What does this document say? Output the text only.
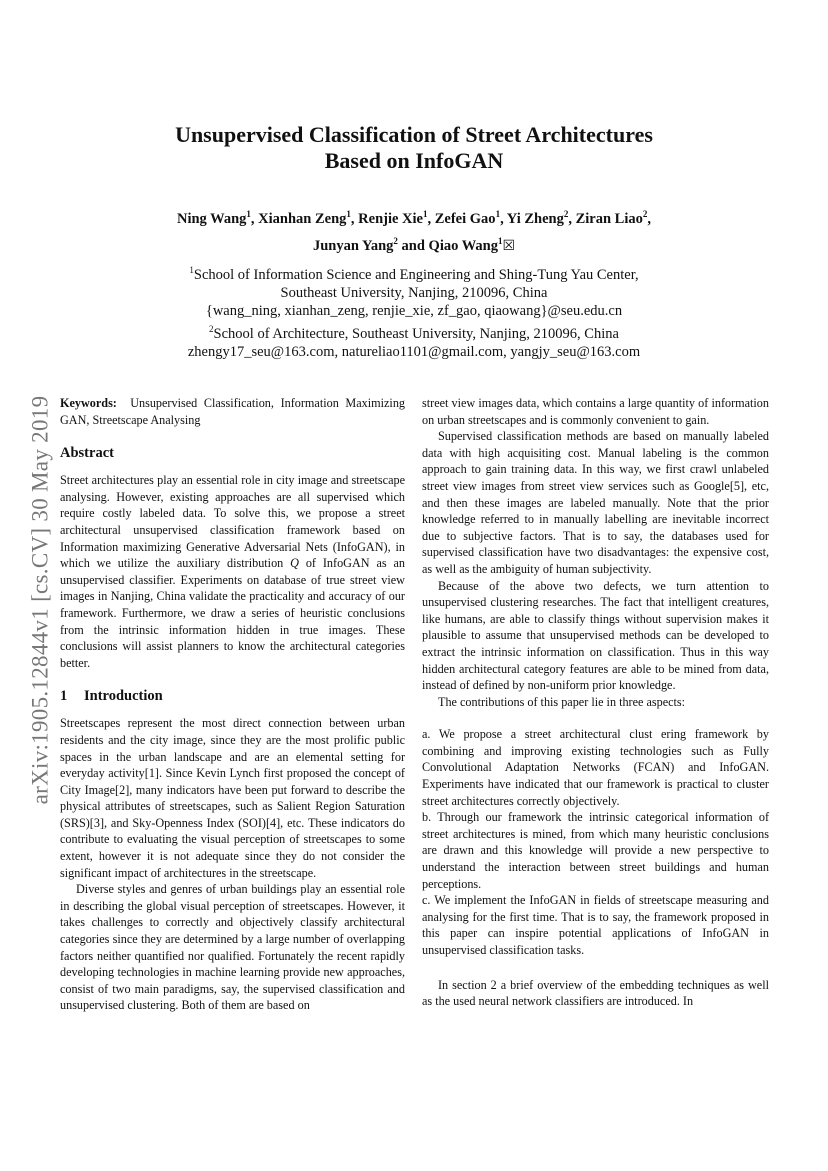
arXiv:1905.12844v1 [cs.CV] 30 May 2019
Unsupervised Classification of Street Architectures
Based on InfoGAN
Ning Wang$^1$, Xianhan Zeng$^1$, Renjie Xie$^1$, Zefei Gao$^1$, Yi Zheng$^2$, Ziran Liao$^2$,
Junyan Yang$^2$ and Qiao Wang$^1$☒
$^1$School of Information Science and Engineering and Shing-Tung Yau Center,
Southeast University, Nanjing, 210096, China
{wang_ning, xianhan_zeng, renjie_xie, zf_gao, qiaowang}@seu.edu.cn
$^2$School of Architecture, Southeast University, Nanjing, 210096, China
zhengy17_seu@163.com, natureliao1101@gmail.com, yangjy_seu@163.com

Keywords: Unsupervised Classification, Information Maximizing GAN, Streetscape Analysing

Abstract

Street architectures play an essential role in city image and streetscape analysing. However, existing approaches are all supervised which require costly labeled data. To solve this, we propose a street architectural unsupervised classification framework based on Information maximizing Generative Adversarial Nets (InfoGAN), in which we utilize the auxiliary distribution Q of InfoGAN as an unsupervised classifier. Experiments on database of true street view images in Nanjing, China validate the practicality and accuracy of our framework. Furthermore, we draw a series of heuristic conclusions from the intrinsic information hidden in true images. These conclusions will assist planners to know the architectural categories better.

1 Introduction

Streetscapes represent the most direct connection between urban residents and the city image, since they are the most prolific public spaces in the urban landscape and are an elemental setting for everyday activity[1]. Since Kevin Lynch first proposed the concept of City Image[2], many indicators have been put forward to describe the physical attributes of streetscapes, such as Salient Region Saturation (SRS)[3], and Sky-Openness Index (SOI)[4], etc. These indicators do contribute to evaluating the visual perception of streetscapes to some extent, however it is not adequate since they do not consider the significant impact of architectures in the streetscape.

Diverse styles and genres of urban buildings play an essential role in describing the global visual perception of streetscapes. However, it takes challenges to correctly and objectively classify architectural categories since they are determined by a large number of overlapping factors neither quantified nor qualified. Fortunately the recent rapidly developing technologies in machine learning provide new approaches, consist of two main paradigms, say, the supervised classification and unsupervised clustering. Both of them are based on

street view images data, which contains a large quantity of information on urban streetscapes and is commonly convenient to gain.

Supervised classification methods are based on manually labeled data with high acquisiting cost. Manual labeling is the common approach to gain training data. In this way, we first crawl unlabeled street view images from street view services such as Google[5], etc, and then these images are labeled manually. Note that the prior knowledge referred to in manually labelling are inevitable incorrect due to subjective factors. That is to say, the databases used for supervised classification have two disadvantages: the expensive cost, as well as the ambiguity of human subjectivity.

Because of the above two defects, we turn attention to unsupervised clustering researches. The fact that intelligent creatures, like humans, are able to classify things without supervision makes it plausible to assume that unsupervised methods can be developed to extract the intrinsic information on classification. Thus in this way hidden architectural category features are able to be mined from data, instead of defined by non-uniform prior knowledge.

The contributions of this paper lie in three aspects:

a. We propose a street architectural clust ering framework by combining and improving existing technologies such as Fully Convolutional Adaptation Networks (FCAN) and InfoGAN. Experiments have indicated that our framework is practical to cluster street architectures correctly objectively.

b. Through our framework the intrinsic categorical information of street architectures is mined, from which many heuristic conclusions are drawn and this knowledge will provide a new perspective to understand the interaction between street buildings and human perceptions.

c. We implement the InfoGAN in fields of streetscape measuring and analysing for the first time. That is to say, the framework proposed in this paper can inspire potential applications of InfoGAN in unsupervised classification tasks.

In section 2 a brief overview of the embedding techniques as well as the used neural network classifiers are introduced. In
